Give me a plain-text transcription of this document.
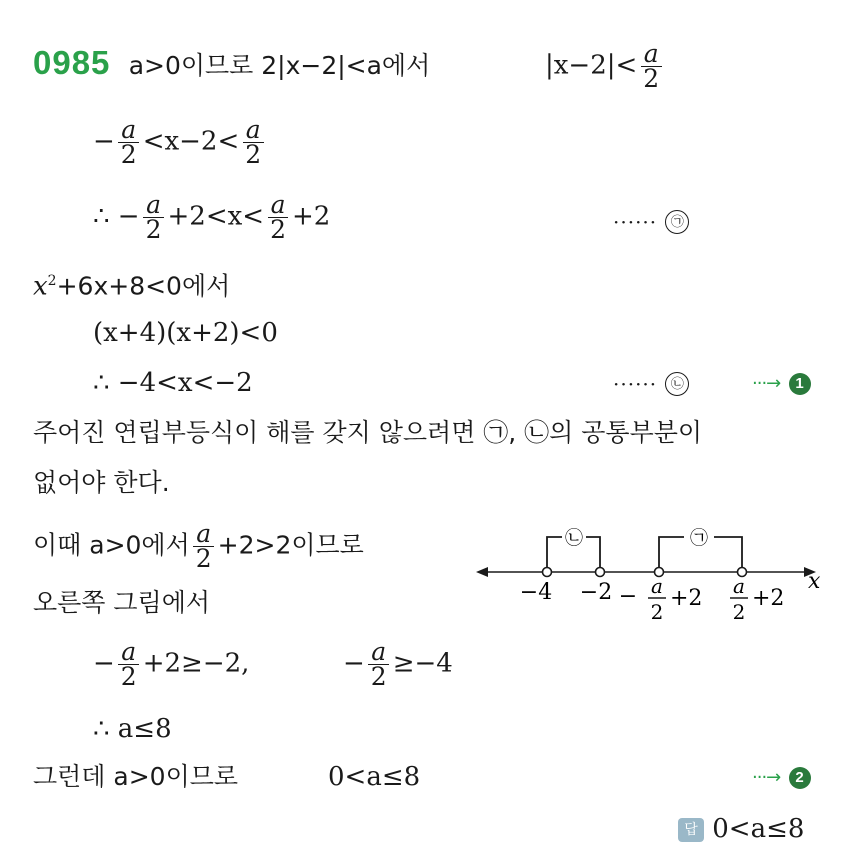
0985 a>0이므로 2|x−2|<a에서	$|x-2|< \frac{a}{2}$
− $\frac{a}{2} <x-2< \frac{a}{2}$
∴ − $\frac{a}{2} +2<x< \frac{a}{2} +2$	······ ㉠
$x^2+6x+8<0$에서
(x+4)(x+2)<0
∴ −4<x<−2	······ ㉡	···→ 1
주어진 연립부등식이 해를 갖지 않으려면 ㉠, ㉡의 공통부분이
없어야 한다.
이때 a>0에서 $\frac{a}{2} +2>2$이므로
오른쪽 그림에서
x
㉡	㉠
−4 −2 − a
2
+2 a
2
+2
− $\frac{a}{2} +2\ge-2$,	− $\frac{a}{2} \ge-4$
∴ a≤8
그런데 a>0이므로	0<a≤8	···→ 2
답 0<a≤8
